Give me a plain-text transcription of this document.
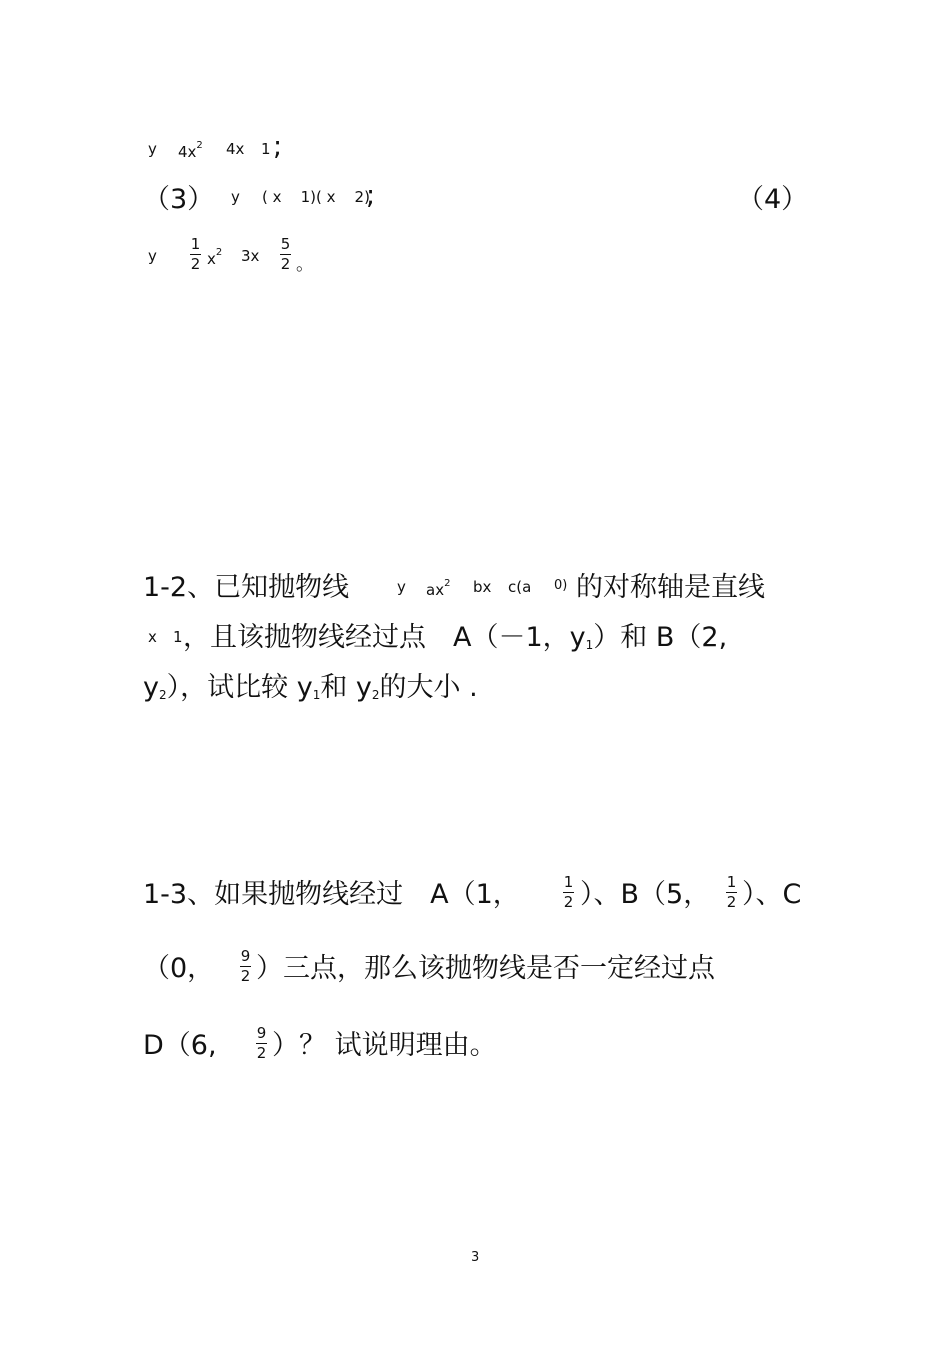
y $4x^2$ 4x 1 ;
（3） y ( x    1)( x    2)
;	（4）
y
1
2 $x^2$ 3x
5
2 。
1-2、已知抛物线	y $ax^2$ bx c(a 0) 的对称轴是直线
x 1 ，且该抛物线经过点　A（－1，$y_1$）和 B（2,
$y_2$），试比较 $y_1$和 $y_2$的大小 .
1-3、如果抛物线经过　A（1，	1
2 ）、B（5， 1
2 ）、C
（0， 9
2 ）三点，那么该抛物线是否一定经过点
D（6,	9
2 ）？ 试说明理由。
3
